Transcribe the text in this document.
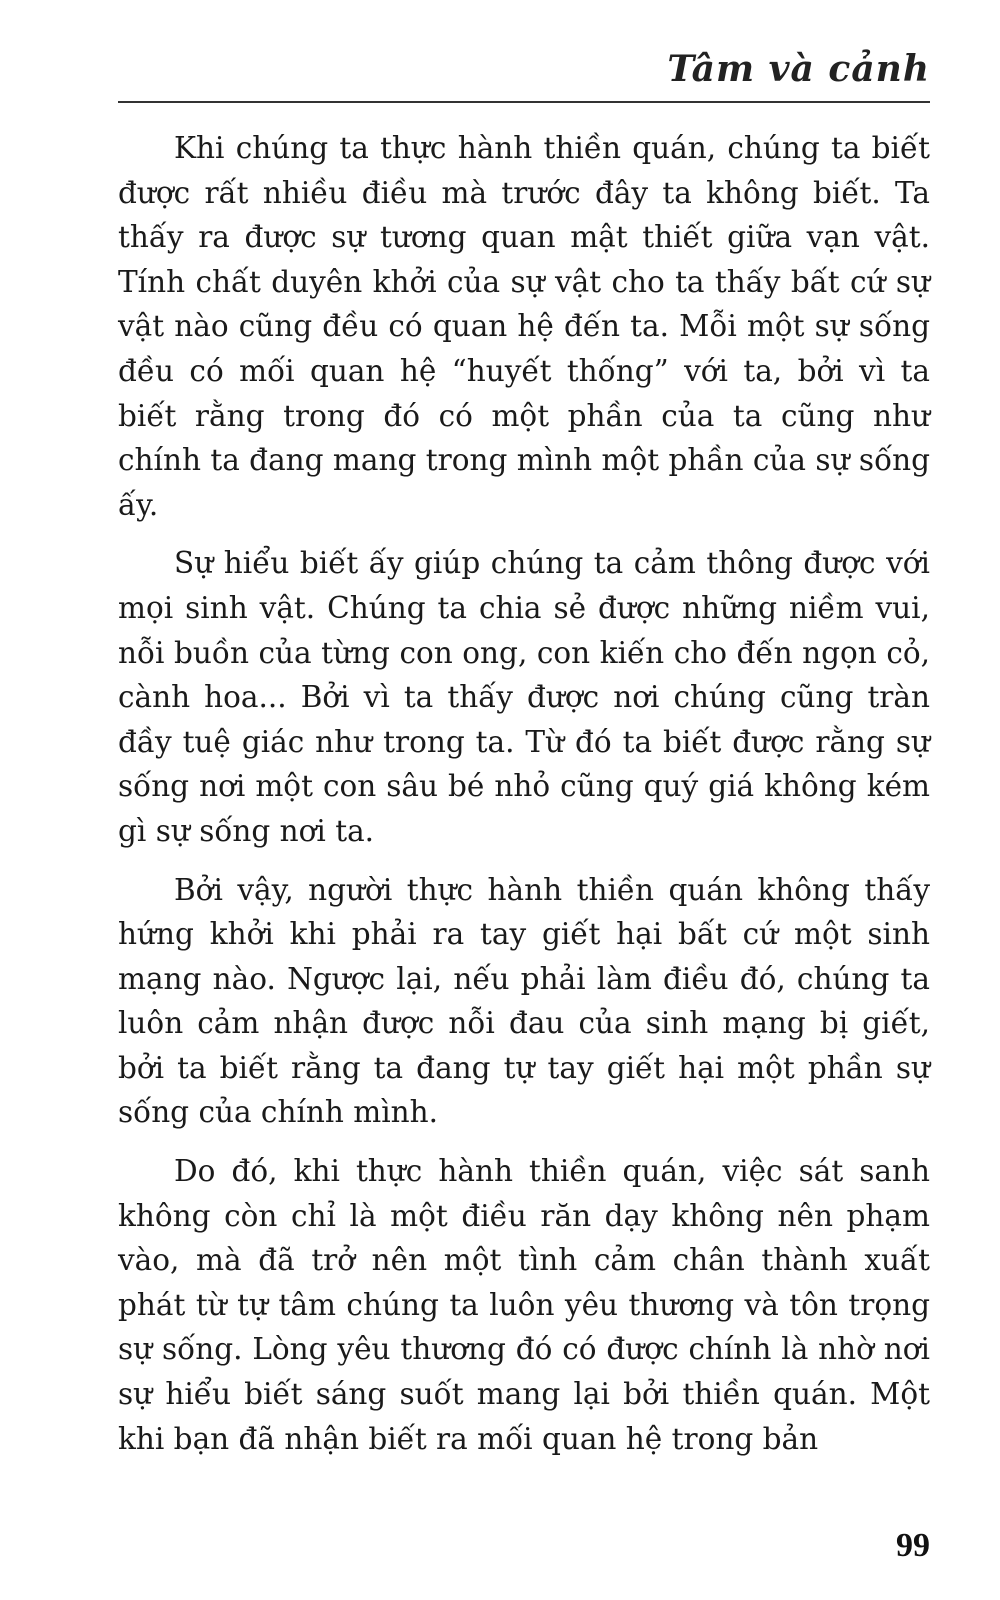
Tâm và cảnh

Khi chúng ta thực hành thiền quán, chúng ta biết được rất nhiều điều mà trước đây ta không biết. Ta thấy ra được sự tương quan mật thiết giữa vạn vật. Tính chất duyên khởi của sự vật cho ta thấy bất cứ sự vật nào cũng đều có quan hệ đến ta. Mỗi một sự sống đều có mối quan hệ “huyết thống” với ta, bởi vì ta biết rằng trong đó có một phần của ta cũng như chính ta đang mang trong mình một phần của sự sống ấy.

Sự hiểu biết ấy giúp chúng ta cảm thông được với mọi sinh vật. Chúng ta chia sẻ được những niềm vui, nỗi buồn của từng con ong, con kiến cho đến ngọn cỏ, cành hoa... Bởi vì ta thấy được nơi chúng cũng tràn đầy tuệ giác như trong ta. Từ đó ta biết được rằng sự sống nơi một con sâu bé nhỏ cũng quý giá không kém gì sự sống nơi ta.

Bởi vậy, người thực hành thiền quán không thấy hứng khởi khi phải ra tay giết hại bất cứ một sinh mạng nào. Ngược lại, nếu phải làm điều đó, chúng ta luôn cảm nhận được nỗi đau của sinh mạng bị giết, bởi ta biết rằng ta đang tự tay giết hại một phần sự sống của chính mình.

Do đó, khi thực hành thiền quán, việc sát sanh không còn chỉ là một điều răn dạy không nên phạm vào, mà đã trở nên một tình cảm chân thành xuất phát từ tự tâm chúng ta luôn yêu thương và tôn trọng sự sống. Lòng yêu thương đó có được chính là nhờ nơi sự hiểu biết sáng suốt mang lại bởi thiền quán. Một khi bạn đã nhận biết ra mối quan hệ trong bản

99
